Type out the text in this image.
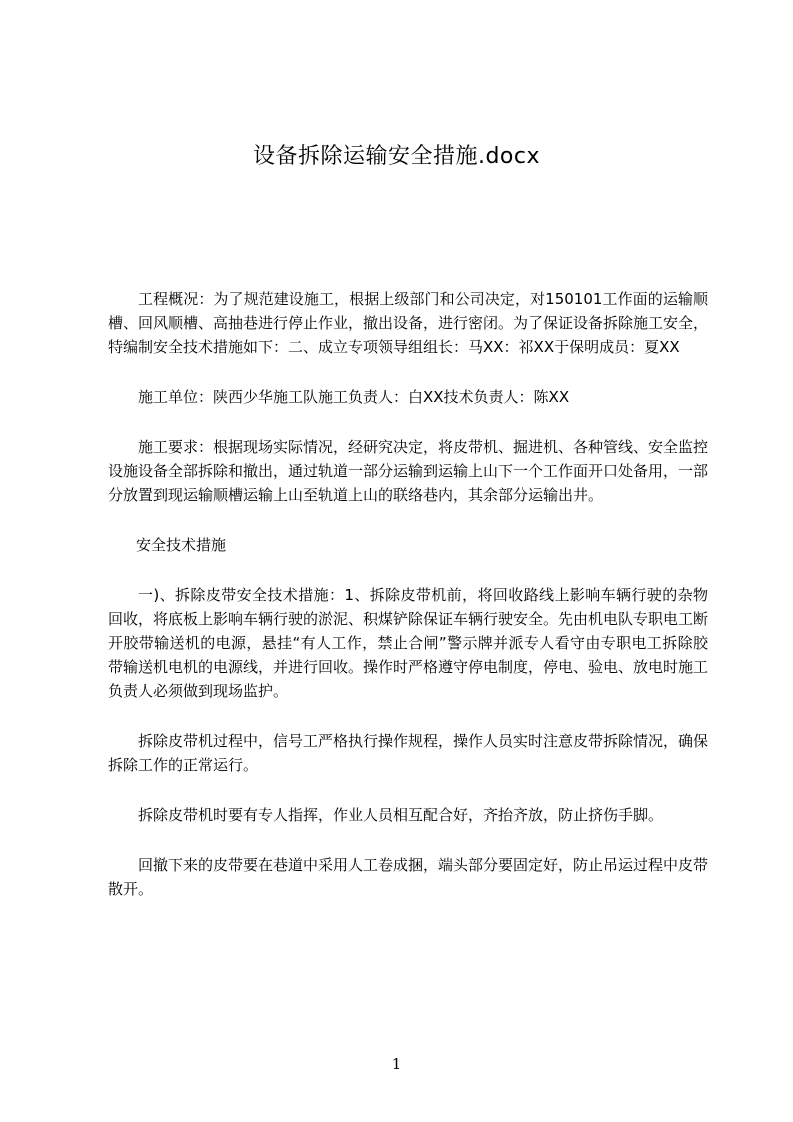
设备拆除运输安全措施.docx

工程概况：为了规范建设施工，根据上级部门和公司决定，对150101工作面的运输顺槽、回风顺槽、高抽巷进行停止作业，撤出设备，进行密闭。为了保证设备拆除施工安全，特编制安全技术措施如下：二、成立专项领导组组长：马XX：祁XX于保明成员：夏XX

施工单位：陕西少华施工队施工负责人：白XX技术负责人：陈XX

施工要求：根据现场实际情况，经研究决定，将皮带机、掘进机、各种管线、安全监控设施设备全部拆除和撤出，通过轨道一部分运输到运输上山下一个工作面开口处备用，一部分放置到现运输顺槽运输上山至轨道上山的联络巷内，其余部分运输出井。

安全技术措施

一)、拆除皮带安全技术措施：1、拆除皮带机前，将回收路线上影响车辆行驶的杂物回收，将底板上影响车辆行驶的淤泥、积煤铲除保证车辆行驶安全。先由机电队专职电工断开胶带输送机的电源，悬挂“有人工作，禁止合闸”警示牌并派专人看守由专职电工拆除胶带输送机电机的电源线，并进行回收。操作时严格遵守停电制度，停电、验电、放电时施工负责人必须做到现场监护。

拆除皮带机过程中，信号工严格执行操作规程，操作人员实时注意皮带拆除情况，确保拆除工作的正常运行。

拆除皮带机时要有专人指挥，作业人员相互配合好，齐抬齐放，防止挤伤手脚。

回撤下来的皮带要在巷道中采用人工卷成捆，端头部分要固定好，防止吊运过程中皮带散开。

1
